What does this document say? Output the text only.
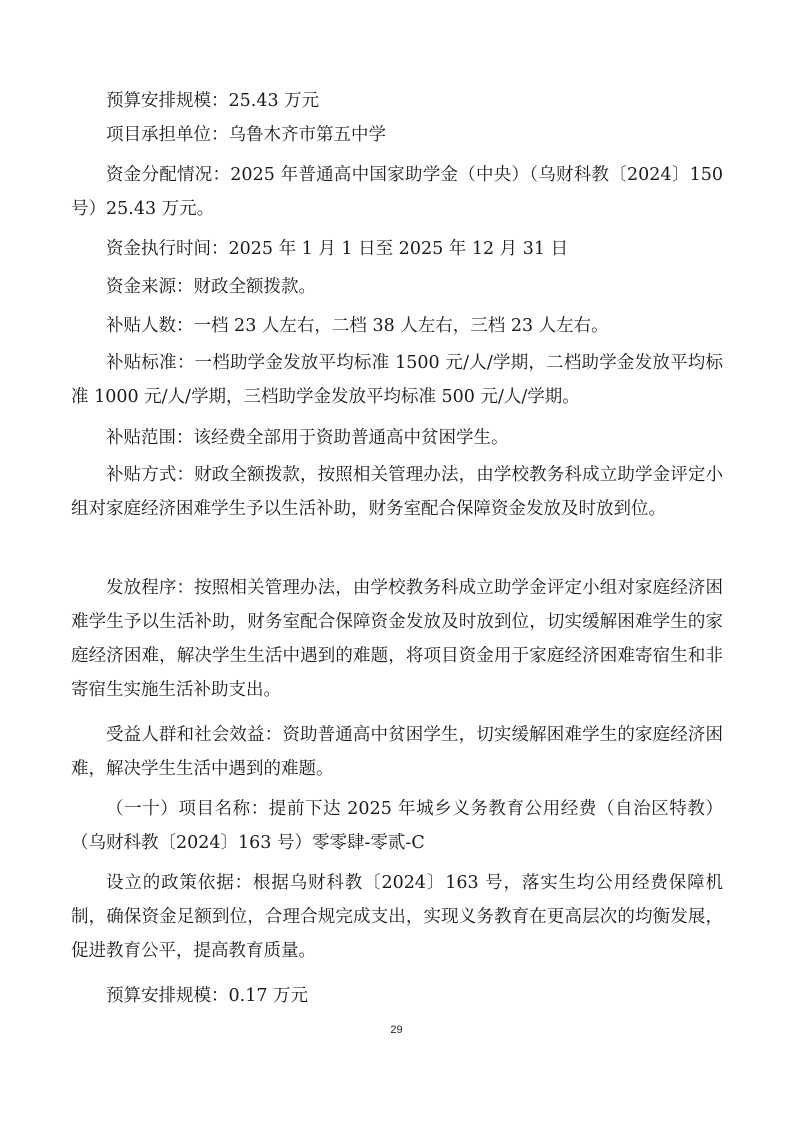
预算安排规模：25.43 万元

项目承担单位：乌鲁木齐市第五中学

资金分配情况：2025 年普通高中国家助学金（中央）（乌财科教〔2024〕150 号）25.43 万元。

资金执行时间：2025 年 1 月 1 日至 2025 年 12 月 31 日

资金来源：财政全额拨款。

补贴人数：一档 23 人左右，二档 38 人左右，三档 23 人左右。

补贴标准：一档助学金发放平均标准 1500 元/人/学期，二档助学金发放平均标准 1000 元/人/学期，三档助学金发放平均标准 500 元/人/学期。

补贴范围：该经费全部用于资助普通高中贫困学生。

补贴方式：财政全额拨款，按照相关管理办法，由学校教务科成立助学金评定小组对家庭经济困难学生予以生活补助，财务室配合保障资金发放及时放到位。

发放程序：按照相关管理办法，由学校教务科成立助学金评定小组对家庭经济困难学生予以生活补助，财务室配合保障资金发放及时放到位，切实缓解困难学生的家庭经济困难，解决学生生活中遇到的难题，将项目资金用于家庭经济困难寄宿生和非寄宿生实施生活补助支出。

受益人群和社会效益：资助普通高中贫困学生，切实缓解困难学生的家庭经济困难，解决学生生活中遇到的难题。

（一十）项目名称：提前下达 2025 年城乡义务教育公用经费（自治区特教）（乌财科教〔2024〕163 号）零零肆-零贰-C

设立的政策依据：根据乌财科教〔2024〕163 号，落实生均公用经费保障机制，确保资金足额到位，合理合规完成支出，实现义务教育在更高层次的均衡发展，促进教育公平，提高教育质量。

预算安排规模：0.17 万元

29
